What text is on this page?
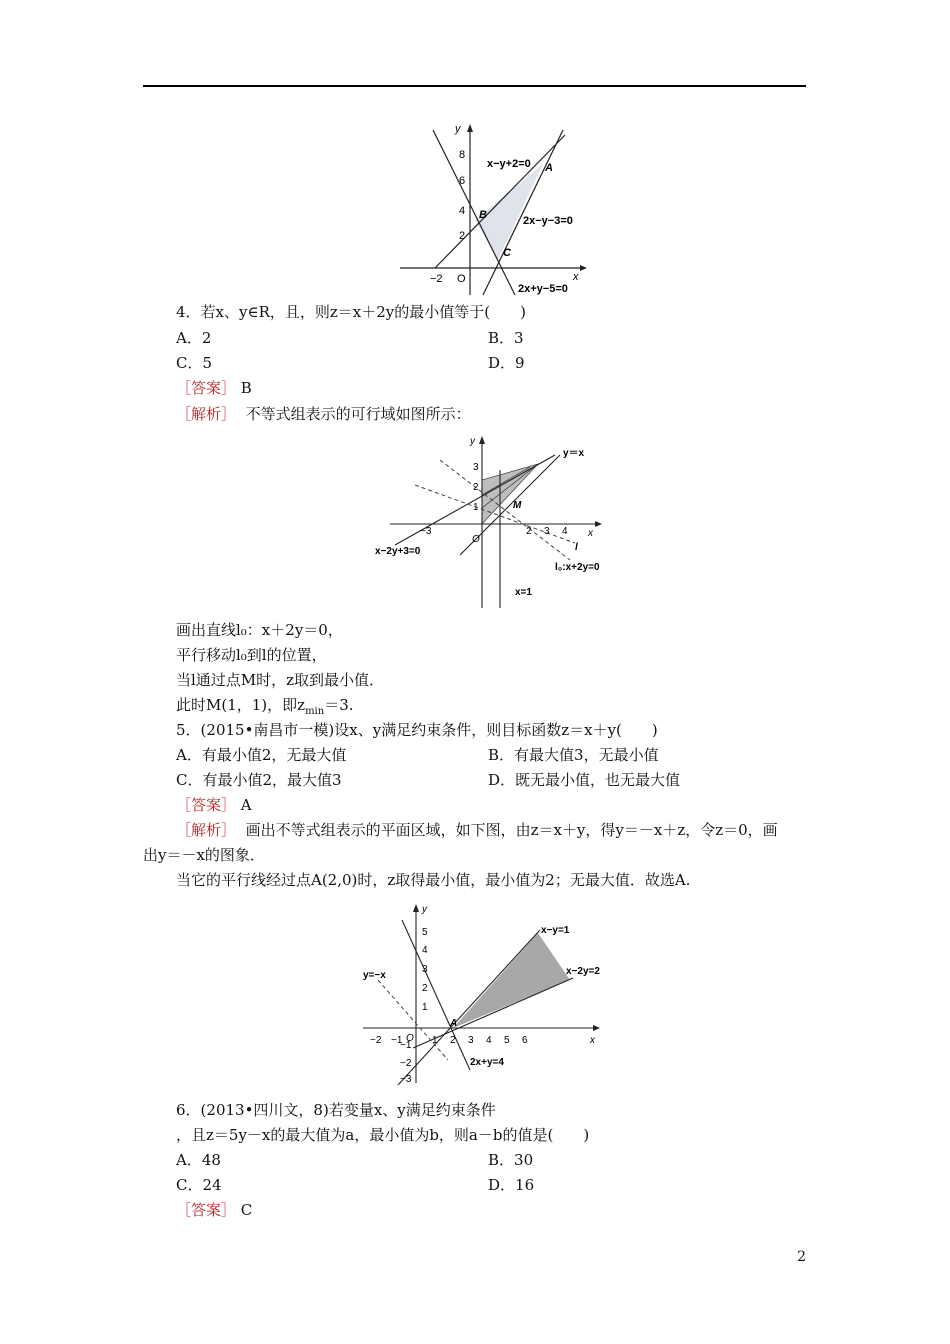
y
x
8
6
4
2
−2 O
x−y+2=0
2x−y−3=0
2x+y−5=0
A
B
C
4．若x、y∈R，且，则z＝x＋2y的最小值等于(　　)
A．2	B．3
C．5	D．9
［答案］ B
［解析］ 不等式组表示的可行域如图所示：
y
x
3
2
1
−3	2 3 4
O
y＝x
M
l
l₀:x+2y=0
x−2y+3=0
x=1
画出直线l₀：x＋2y＝0，
平行移动l₀到l的位置，
当l通过点M时，z取到最小值．
此时M(1，1)，即$z_{min}=3$.
5．(2015•南昌市一模)设x、y满足约束条件，则目标函数z＝x＋y(　　)
A．有最小值2，无最大值	B．有最大值3，无最小值
C．有最小值2，最大值3	D．既无最小值，也无最大值
［答案］ A
［解析］ 画出不等式组表示的平面区域，如下图，由z＝x＋y，得y＝－x＋z，令z＝0，画
出y＝－x的图象．
当它的平行线经过点A(2,0)时，z取得最小值，最小值为2；无最大值．故选A.
y
x
5
4
3
2
1
−1
−2
−3
−2 −1 O 1 2 3 4 5 6
x−y=1
x−2y=2
y=−x
A
2x+y=4
6．(2013•四川文，8)若变量x、y满足约束条件
，且z＝5y－x的最大值为a，最小值为b，则a－b的值是(　　)
A．48	B．30
C．24	D．16
［答案］ C
2
